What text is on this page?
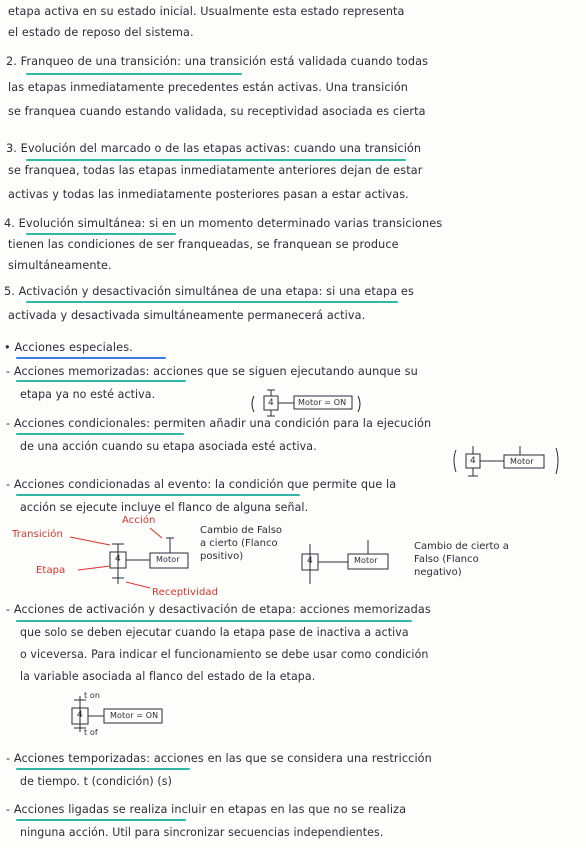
etapa activa en su estado inicial. Usualmente esta estado representa
el estado de reposo del sistema.
2. Franqueo de una transición: una transición está validada cuando todas
las etapas inmediatamente precedentes están activas. Una transición
se franquea cuando estando validada, su receptividad asociada es cierta
3. Evolución del marcado o de las etapas activas: cuando una transición
se franquea, todas las etapas inmediatamente anteriores dejan de estar
activas y todas las inmediatamente posteriores pasan a estar activas.
4. Evolución simultánea: si en un momento determinado varias transiciones
tienen las condiciones de ser franqueadas, se franquean se produce
simultáneamente.
5. Activación y desactivación simultánea de una etapa: si una etapa es
activada y desactivada simultáneamente permanecerá activa.
• Acciones especiales.
- Acciones memorizadas: acciones que se siguen ejecutando aunque su
etapa ya no esté activa.
- Acciones condicionales: permiten añadir una condición para la ejecución
de una acción cuando su etapa asociada esté activa.
- Acciones condicionadas al evento: la condición que permite que la
acción se ejecute incluye el flanco de alguna señal.
- Acciones de activación y desactivación de etapa: acciones memorizadas
que solo se deben ejecutar cuando la etapa pase de inactiva a activa
o viceversa. Para indicar el funcionamiento se debe usar como condición
la variable asociada al flanco del estado de la etapa.
- Acciones temporizadas: acciones en las que se considera una restricción
de tiempo. t (condición) (s)
- Acciones ligadas se realiza incluir en etapas en las que no se realiza
ninguna acción. Util para sincronizar secuencias independientes.
Transición
Acción
Etapa
Receptividad
4	Motor	Motor
4
Motor = ON
4
Motor
4
4	Motor = ON
t on
t of
Cambio de Falso a cierto (Flanco positivo)
Cambio de cierto a Falso (Flanco negativo)
